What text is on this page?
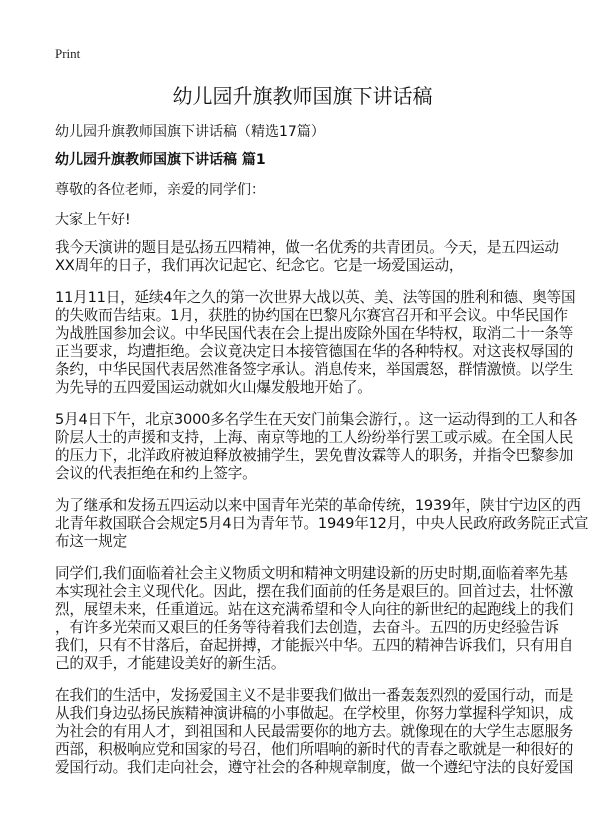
Print
幼儿园升旗教师国旗下讲话稿
幼儿园升旗教师国旗下讲话稿（精选17篇）
幼儿园升旗教师国旗下讲话稿 篇1
尊敬的各位老师，亲爱的同学们：
大家上午好!
我今天演讲的题目是弘扬五四精神，做一名优秀的共青团员。今天，是五四运动
XX周年的日子，我们再次记起它、纪念它。它是一场爱国运动，
11月11日，延续4年之久的第一次世界大战以英、美、法等国的胜利和德、奥等国
的失败而告结束。1月，获胜的协约国在巴黎凡尔赛宫召开和平会议。中华民国作
为战胜国参加会议。中华民国代表在会上提出废除外国在华特权，取消二十一条等
正当要求，均遭拒绝。会议竟决定日本接管德国在华的各种特权。对这丧权辱国的
条约，中华民国代表居然准备签字承认。消息传来，举国震怒，群情激愤。以学生
为先导的五四爱国运动就如火山爆发般地开始了。
5月4日下午，北京3000多名学生在天安门前集会游行，。这一运动得到的工人和各
阶层人士的声援和支持，上海、南京等地的工人纷纷举行罢工或示威。在全国人民
的压力下，北洋政府被迫释放被捕学生，罢免曹汝霖等人的职务，并指令巴黎参加
会议的代表拒绝在和约上签字。
为了继承和发扬五四运动以来中国青年光荣的革命传统，1939年，陕甘宁边区的西
北青年救国联合会规定5月4日为青年节。1949年12月，中央人民政府政务院正式宣
布这一规定
同学们,我们面临着社会主义物质文明和精神文明建设新的历史时期,面临着率先基
本实现社会主义现代化。因此，摆在我们面前的任务是艰巨的。回首过去，壮怀激
烈，展望未来，任重道远。站在这充满希望和令人向往的新世纪的起跑线上的我们
，有许多光荣而又艰巨的任务等待着我们去创造，去奋斗。五四的历史经验告诉
我们，只有不甘落后，奋起拼搏，才能振兴中华。五四的精神告诉我们，只有用自
己的双手，才能建设美好的新生活。
在我们的生活中，发扬爱国主义不是非要我们做出一番轰轰烈烈的爱国行动，而是
从我们身边弘扬民族精神演讲稿的小事做起。在学校里，你努力掌握科学知识，成
为社会的有用人才，到祖国和人民最需要你的地方去。就像现在的大学生志愿服务
西部，积极响应党和国家的号召，他们所唱响的新时代的青春之歌就是一种很好的
爱国行动。我们走向社会，遵守社会的各种规章制度，做一个遵纪守法的良好爱国
